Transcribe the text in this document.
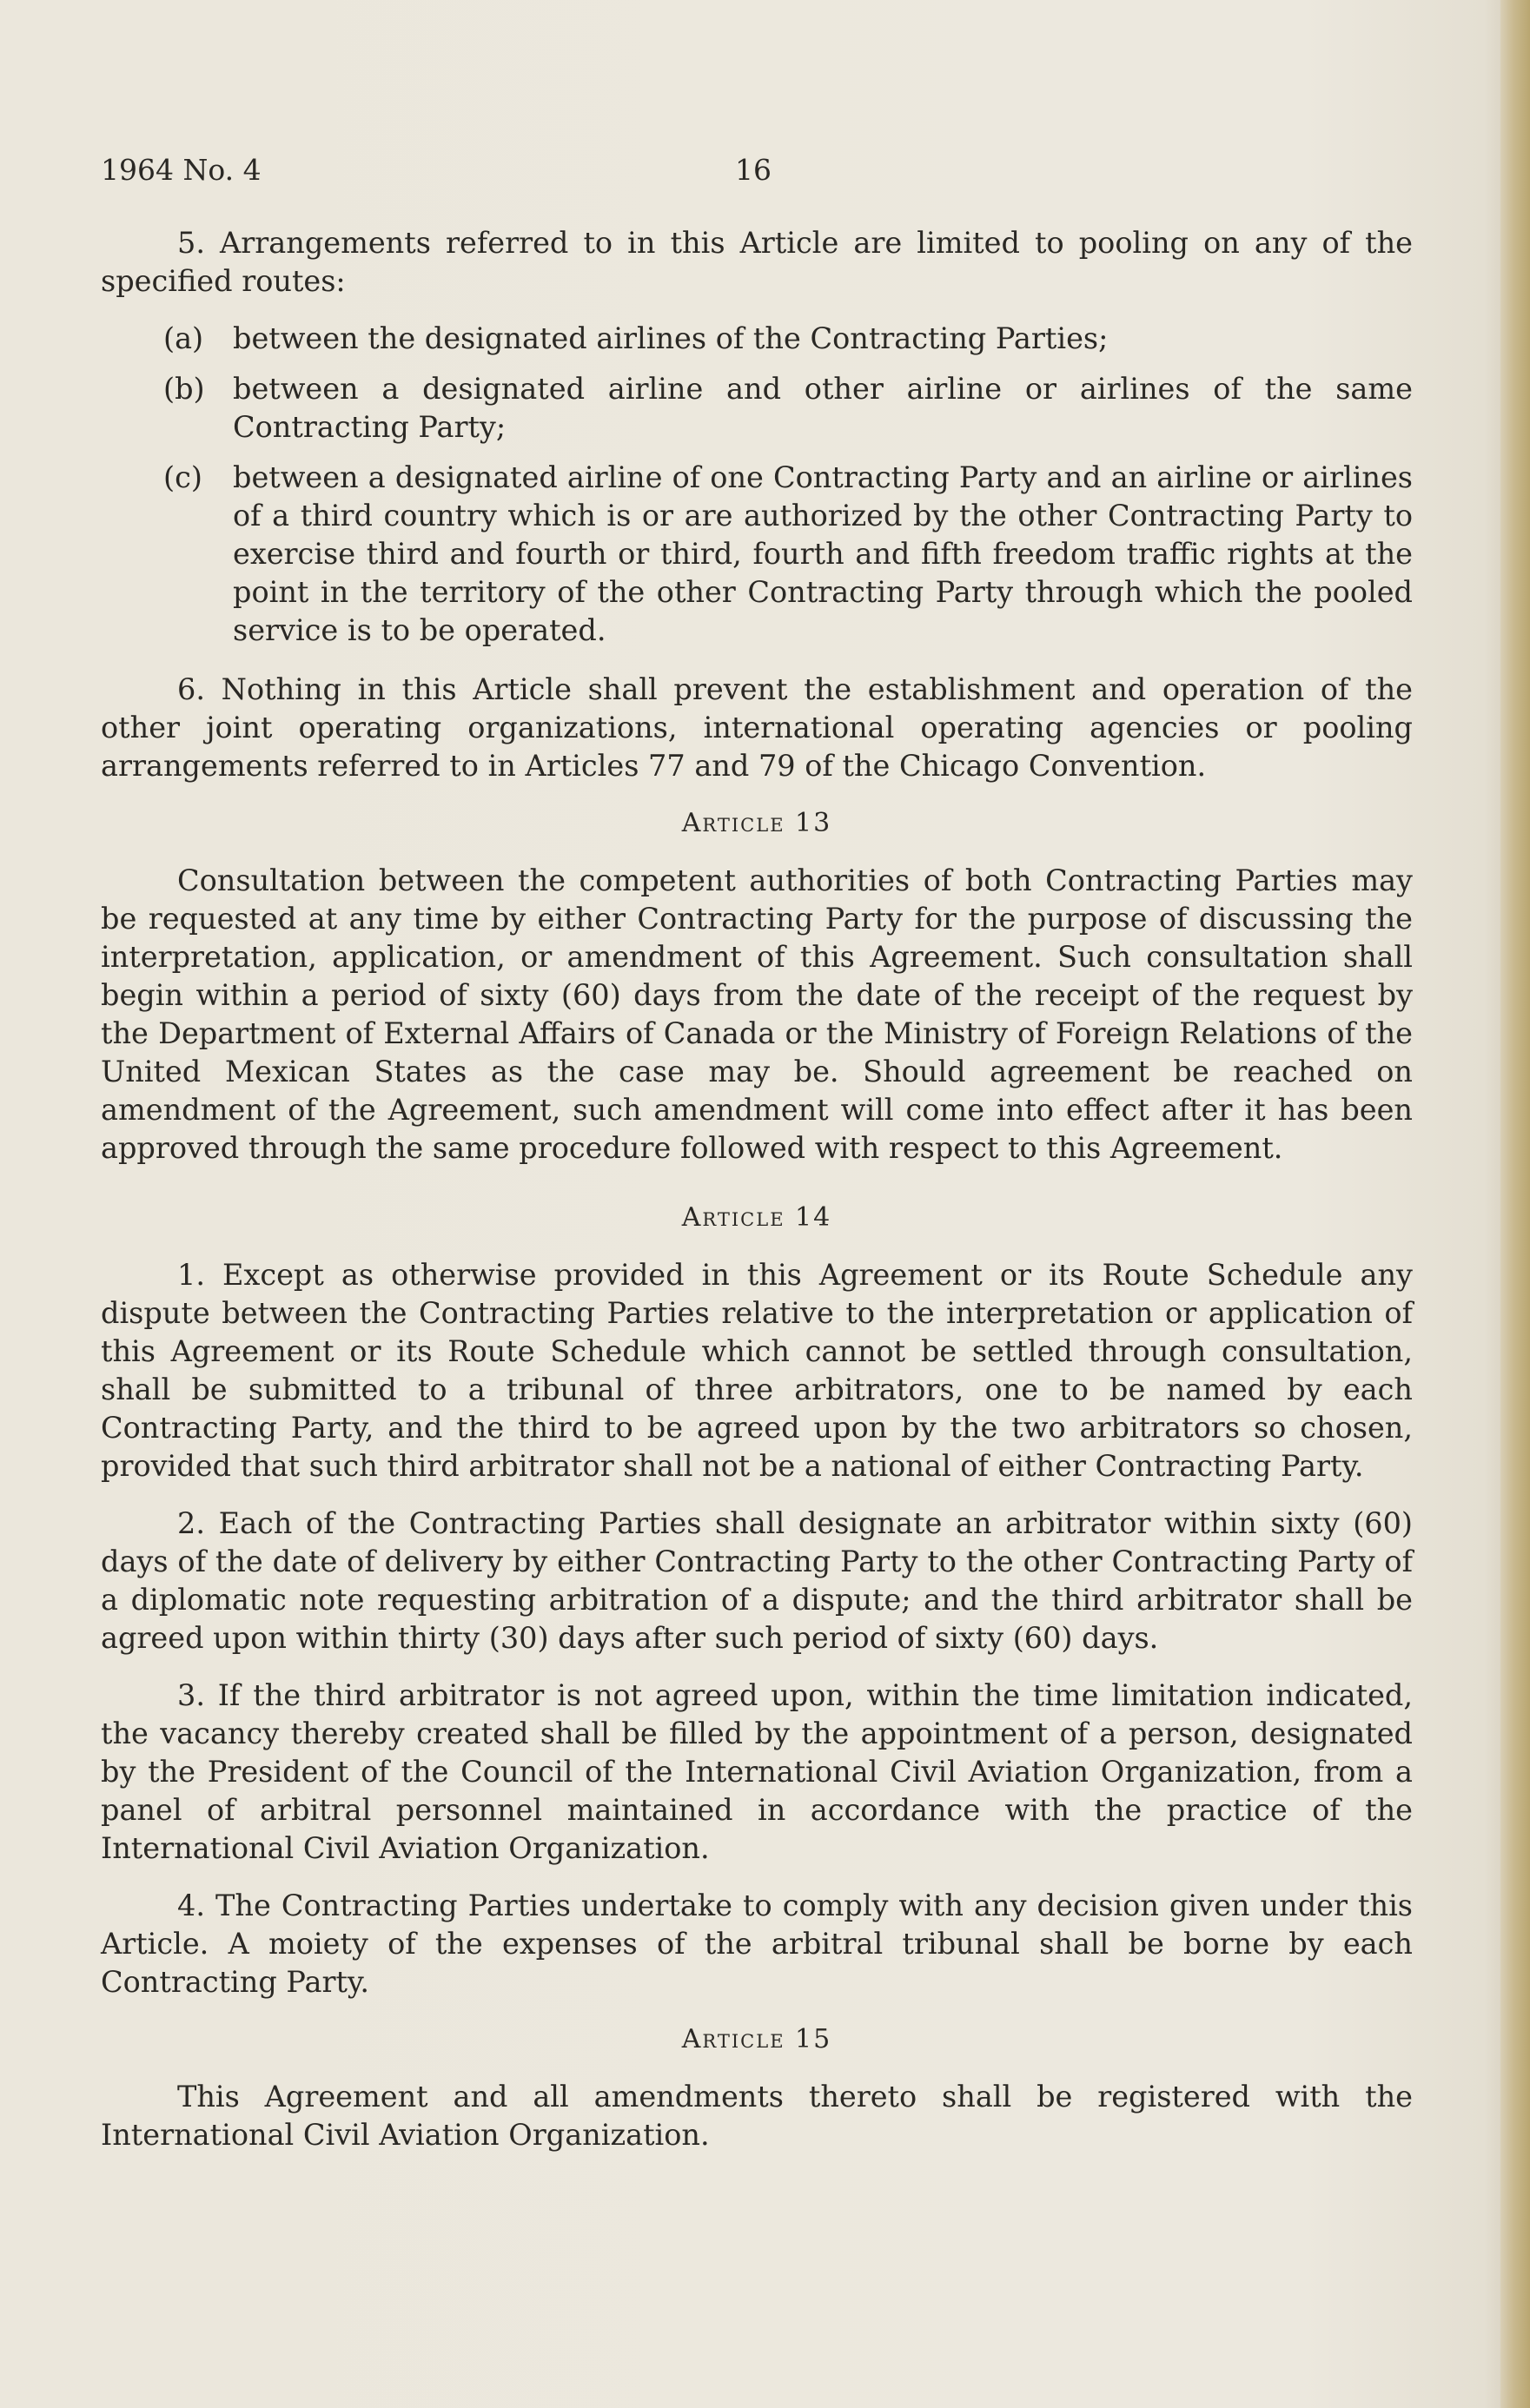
1964 No. 4	16

5. Arrangements referred to in this Article are limited to pooling on any of the specified routes:

(a)	between the designated airlines of the Contracting Parties;
(b) between a designated airline and other airline or airlines of the same Contracting Party;
(c)	between a designated airline of one Contracting Party and an airline or airlines of a third country which is or are authorized by the other Contracting Party to exercise third and fourth or third, fourth and fifth freedom traffic rights at the point in the territory of the other Contracting Party through which the pooled service is to be operated.

6. Nothing in this Article shall prevent the establishment and operation of the other joint operating organizations, international operating agencies or pooling arrangements referred to in Articles 77 and 79 of the Chicago Convention.

Article 13

Consultation between the competent authorities of both Contracting Parties may be requested at any time by either Contracting Party for the purpose of discussing the interpretation, application, or amendment of this Agreement. Such consultation shall begin within a period of sixty (60) days from the date of the receipt of the request by the Department of External Affairs of Canada or the Ministry of Foreign Relations of the United Mexican States as the case may be. Should agreement be reached on amendment of the Agreement, such amendment will come into effect after it has been approved through the same procedure followed with respect to this Agreement.

Article 14

1. Except as otherwise provided in this Agreement or its Route Schedule any dispute between the Contracting Parties relative to the interpretation or application of this Agreement or its Route Schedule which cannot be settled through consultation, shall be submitted to a tribunal of three arbitrators, one to be named by each Contracting Party, and the third to be agreed upon by the two arbitrators so chosen, provided that such third arbitrator shall not be a national of either Contracting Party.

2. Each of the Contracting Parties shall designate an arbitrator within sixty (60) days of the date of delivery by either Contracting Party to the other Contracting Party of a diplomatic note requesting arbitration of a dispute; and the third arbitrator shall be agreed upon within thirty (30) days after such period of sixty (60) days.

3. If the third arbitrator is not agreed upon, within the time limitation indicated, the vacancy thereby created shall be filled by the appointment of a person, designated by the President of the Council of the International Civil Aviation Organization, from a panel of arbitral personnel maintained in accordance with the practice of the International Civil Aviation Organization.

4. The Contracting Parties undertake to comply with any decision given under this Article. A moiety of the expenses of the arbitral tribunal shall be borne by each Contracting Party.

Article 15

This Agreement and all amendments thereto shall be registered with the International Civil Aviation Organization.
